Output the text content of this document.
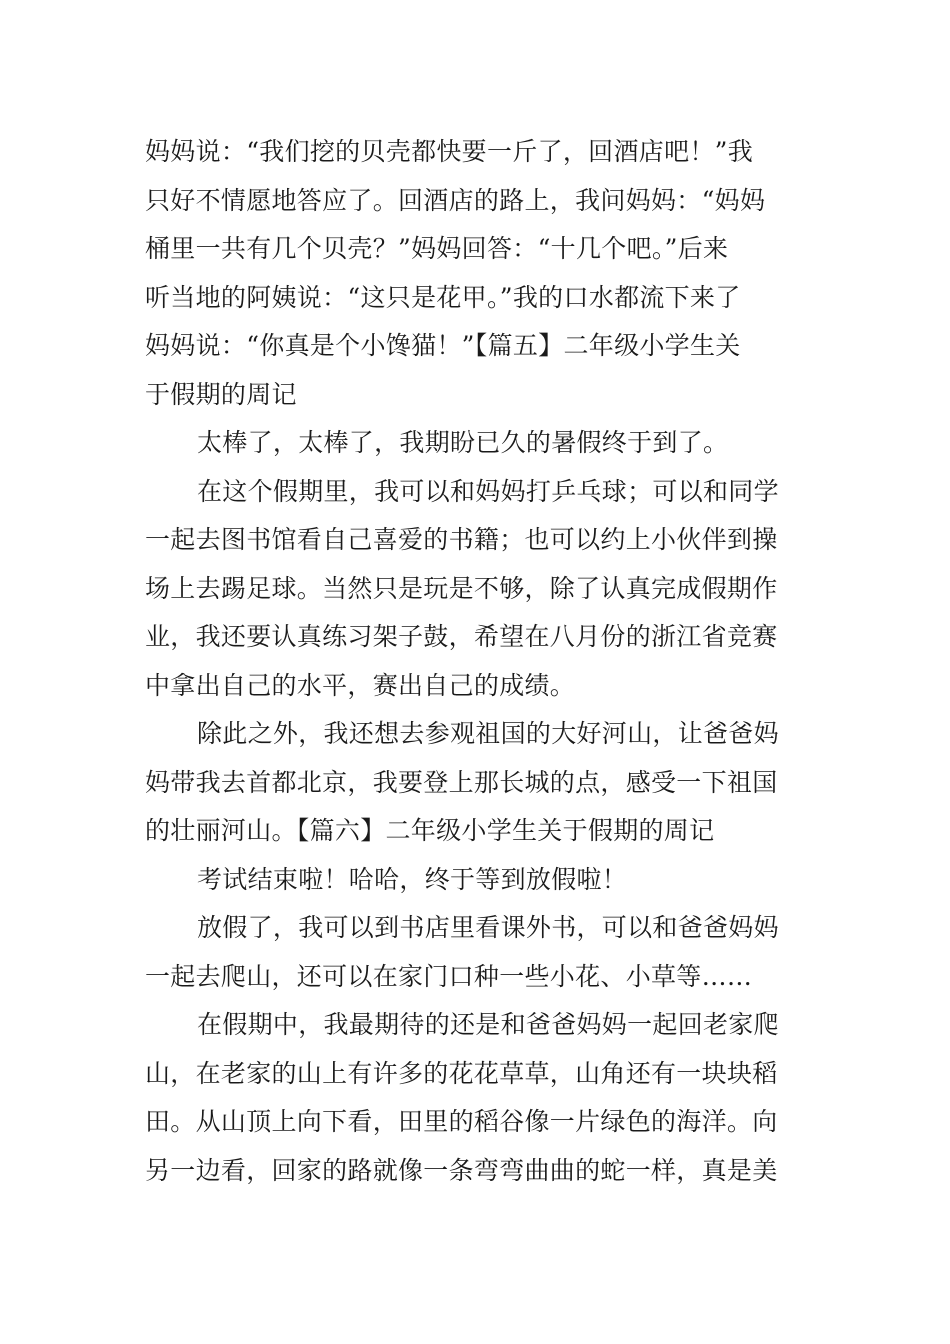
妈妈说：“我们挖的贝壳都快要一斤了，回酒店吧！”我
只好不情愿地答应了。回酒店的路上，我问妈妈：“妈妈
桶里一共有几个贝壳？”妈妈回答：“十几个吧。”后来
听当地的阿姨说：“这只是花甲。”我的口水都流下来了
妈妈说：“你真是个小馋猫！”【篇五】二年级小学生关
于假期的周记
太棒了，太棒了，我期盼已久的暑假终于到了。
在这个假期里，我可以和妈妈打乒乓球；可以和同学
一起去图书馆看自己喜爱的书籍；也可以约上小伙伴到操
场上去踢足球。当然只是玩是不够，除了认真完成假期作
业，我还要认真练习架子鼓，希望在八月份的浙江省竞赛
中拿出自己的水平，赛出自己的成绩。
除此之外，我还想去参观祖国的大好河山，让爸爸妈
妈带我去首都北京，我要登上那长城的点，感受一下祖国
的壮丽河山。【篇六】二年级小学生关于假期的周记
考试结束啦！哈哈，终于等到放假啦！
放假了，我可以到书店里看课外书，可以和爸爸妈妈
一起去爬山，还可以在家门口种一些小花、小草等……
在假期中，我最期待的还是和爸爸妈妈一起回老家爬
山，在老家的山上有许多的花花草草，山角还有一块块稻
田。从山顶上向下看，田里的稻谷像一片绿色的海洋。向
另一边看，回家的路就像一条弯弯曲曲的蛇一样，真是美
